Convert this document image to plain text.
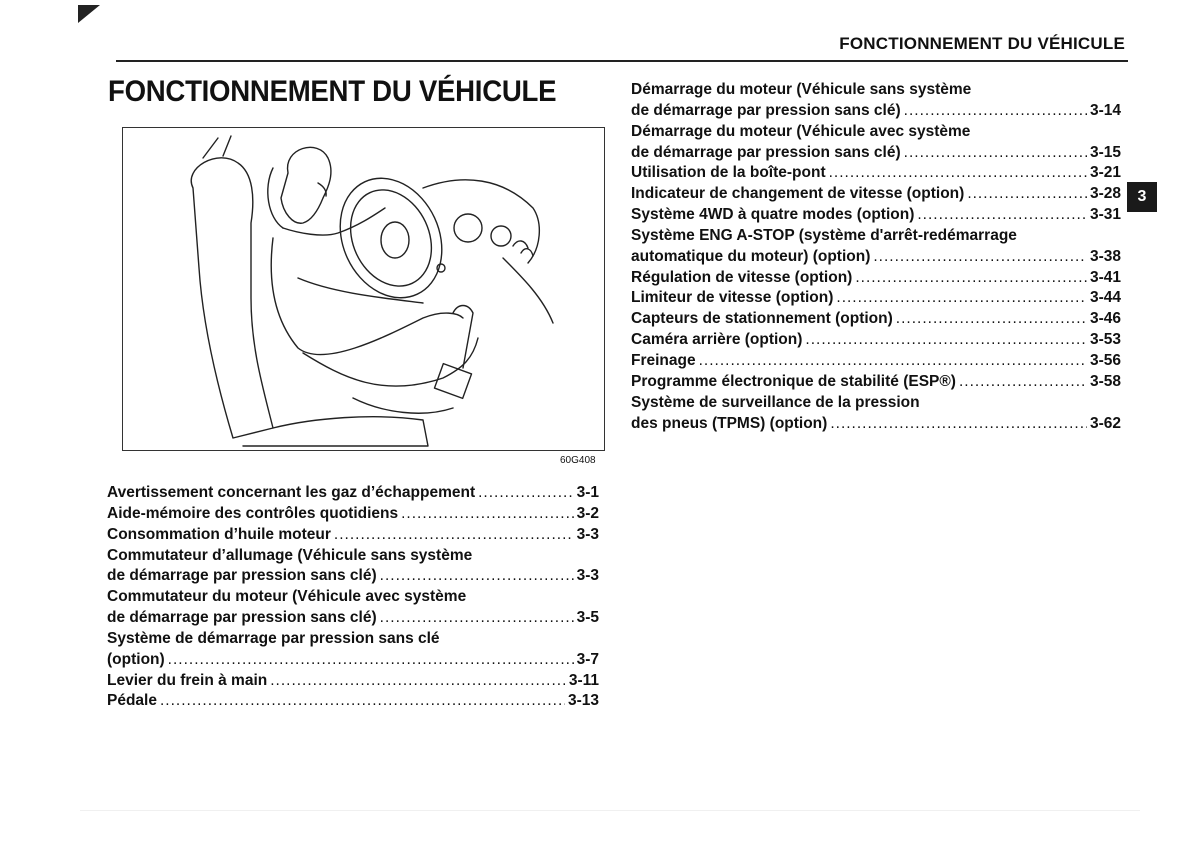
FONCTIONNEMENT DU VÉHICULE
FONCTIONNEMENT DU VÉHICULE
60G408
Avertissement concernant les gaz d’échappement .....	3-1
Aide-mémoire des contrôles quotidiens .....	3-2
Consommation d’huile moteur .....	3-3
Commutateur d’allumage (Véhicule sans système
de démarrage par pression sans clé) .....	3-3
Commutateur du moteur (Véhicule avec système
de démarrage par pression sans clé) .....	3-5
Système de démarrage par pression sans clé
(option) .....	3-7
Levier du frein à main .....	3-11
Pédale .....	3-13
Démarrage du moteur (Véhicule sans système
de démarrage par pression sans clé) .....	3-14
Démarrage du moteur (Véhicule avec système
de démarrage par pression sans clé) .....	3-15
Utilisation de la boîte-pont .....	3-21
Indicateur de changement de vitesse (option) .....	3-28
Système 4WD à quatre modes (option) .....	3-31
Système ENG A-STOP (système d'arrêt-redémarrage
automatique du moteur) (option) .....	3-38
Régulation de vitesse (option) .....	3-41
Limiteur de vitesse (option) .....	3-44
Capteurs de stationnement (option) .....	3-46
Caméra arrière (option) .....	3-53
Freinage .....	3-56
Programme électronique de stabilité (ESP®) .....	3-58
Système de surveillance de la pression
des pneus (TPMS) (option) .....	3-62
3
